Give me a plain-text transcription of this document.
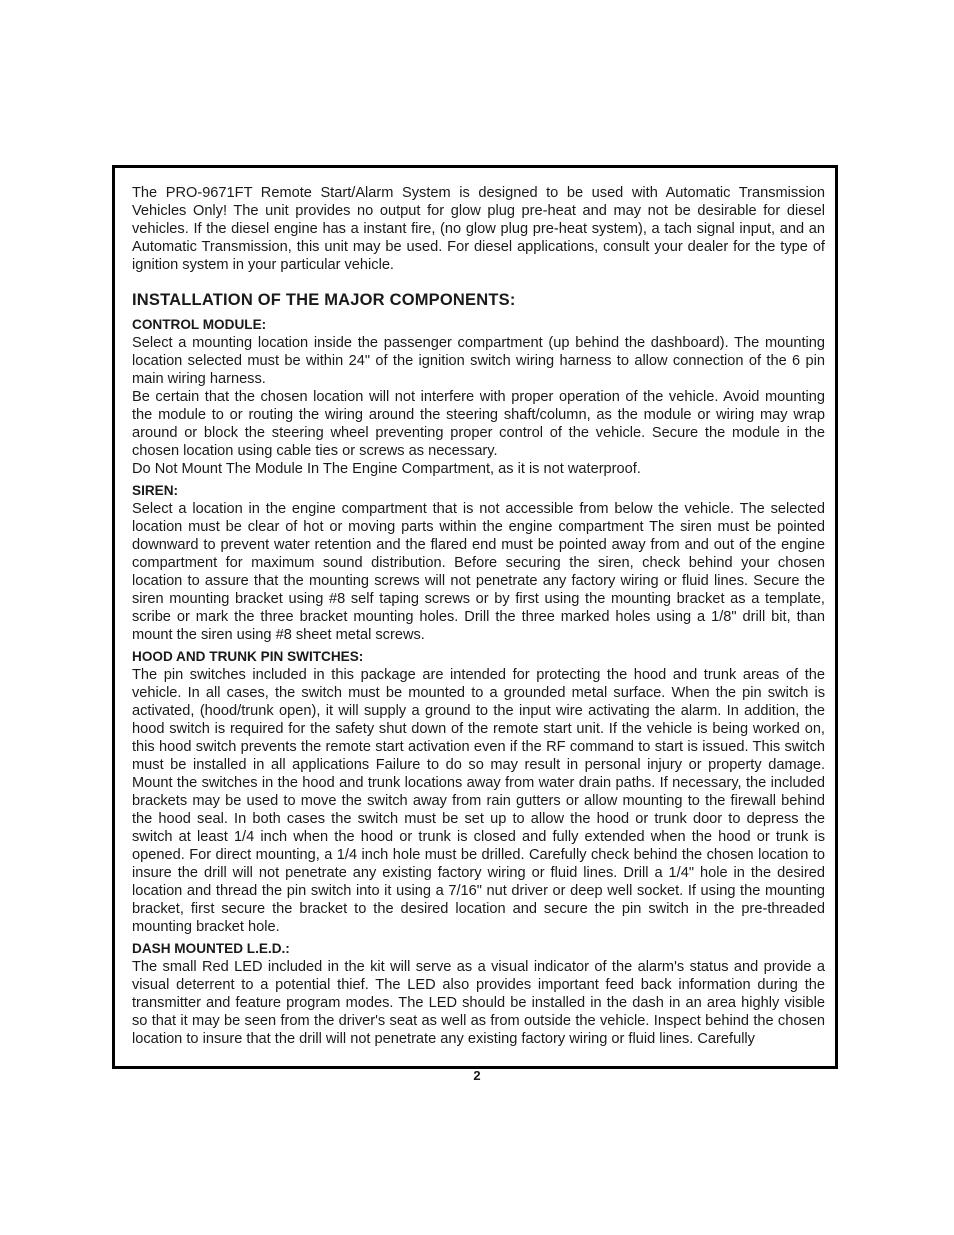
The PRO-9671FT Remote Start/Alarm System is designed to be used with Automatic Transmission Vehicles Only! The unit provides no output for glow plug pre-heat and may not be desirable for diesel vehicles. If the diesel engine has a instant fire, (no glow plug pre-heat system), a tach signal input, and an Automatic Transmission, this unit may be used. For diesel applications, consult your dealer for the type of ignition system in your particular vehicle.

INSTALLATION OF THE MAJOR COMPONENTS:
CONTROL MODULE:

Select a mounting location inside the passenger compartment (up behind the dashboard). The mounting location selected must be within 24" of the ignition switch wiring harness to allow connection of the 6 pin main wiring harness.

Be certain that the chosen location will not interfere with proper operation of the vehicle. Avoid mounting the module to or routing the wiring around the steering shaft/column, as the module or wiring may wrap around or block the steering wheel preventing proper control of the vehicle. Secure the module in the chosen location using cable ties or screws as necessary.

Do Not Mount The Module In The Engine Compartment, as it is not waterproof.

SIREN:

Select a location in the engine compartment that is not accessible from below the vehicle. The selected location must be clear of hot or moving parts within the engine compartment The siren must be pointed downward to prevent water retention and the flared end must be pointed away from and out of the engine compartment for maximum sound distribution. Before securing the siren, check behind your chosen location to assure that the mounting screws will not penetrate any factory wiring or fluid lines. Secure the siren mounting bracket using #8 self taping screws or by first using the mounting bracket as a template, scribe or mark the three bracket mounting holes. Drill the three marked holes using a 1/8" drill bit, than mount the siren using #8 sheet metal screws.

HOOD AND TRUNK PIN SWITCHES:

The pin switches included in this package are intended for protecting the hood and trunk areas of the vehicle. In all cases, the switch must be mounted to a grounded metal surface. When the pin switch is activated, (hood/trunk open), it will supply a ground to the input wire activating the alarm. In addition, the hood switch is required for the safety shut down of the remote start unit. If the vehicle is being worked on, this hood switch prevents the remote start activation even if the RF command to start is issued. This switch must be installed in all applications Failure to do so may result in personal injury or property damage. Mount the switches in the hood and trunk locations away from water drain paths. If necessary, the included brackets may be used to move the switch away from rain gutters or allow mounting to the firewall behind the hood seal. In both cases the switch must be set up to allow the hood or trunk door to depress the switch at least 1/4 inch when the hood or trunk is closed and fully extended when the hood or trunk is opened. For direct mounting, a 1/4 inch hole must be drilled. Carefully check behind the chosen location to insure the drill will not penetrate any existing factory wiring or fluid lines. Drill a 1/4" hole in the desired location and thread the pin switch into it using a 7/16" nut driver or deep well socket. If using the mounting bracket, first secure the bracket to the desired location and secure the pin switch in the pre-threaded mounting bracket hole.

DASH MOUNTED L.E.D.:

The small Red LED included in the kit will serve as a visual indicator of the alarm's status and provide a visual deterrent to a potential thief. The LED also provides important feed back information during the transmitter and feature program modes. The LED should be installed in the dash in an area highly visible so that it may be seen from the driver's seat as well as from outside the vehicle. Inspect behind the chosen location to insure that the drill will not penetrate any existing factory wiring or fluid lines. Carefully

2
